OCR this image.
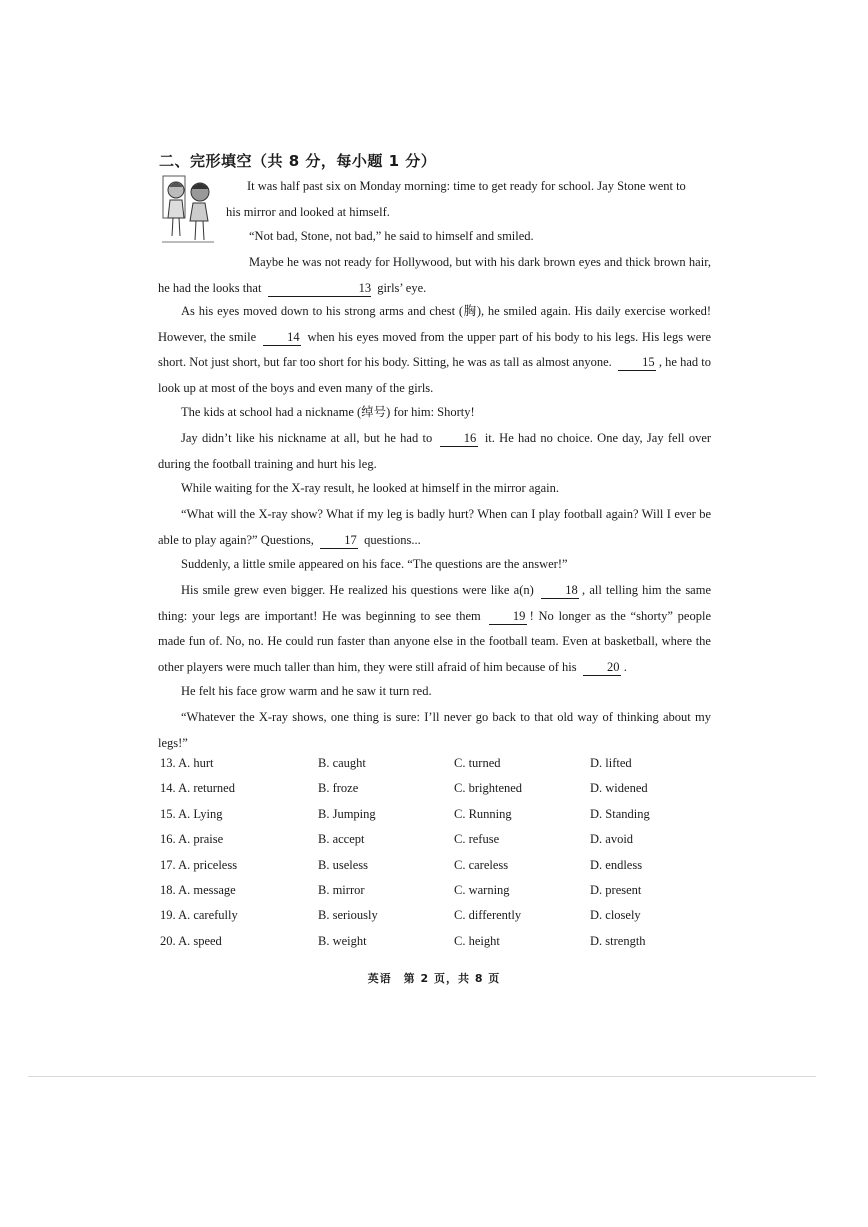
二、完形填空（共 8 分，每小题 1 分）

It was half past six on Monday morning: time to get ready for school. Jay Stone went to
his mirror and looked at himself.

“Not bad, Stone, not bad,” he said to himself and smiled.

Maybe he was not ready for Hollywood, but with his dark brown eyes and thick brown hair, he had the looks that	13 girls’ eye.

As his eyes moved down to his strong arms and chest (胸), he smiled again. His daily exercise worked! However, the smile 14 when his eyes moved from the upper part of his body to his legs. His legs were short. Not just short, but far too short for his body. Sitting, he was as tall as almost anyone. 15 , he had to look up at most of the boys and even many of the girls.

The kids at school had a nickname (绰号) for him: Shorty!

Jay didn’t like his nickname at all, but he had to	16 it. He had no choice. One day, Jay fell over during the football training and hurt his leg.

While waiting for the X-ray result, he looked at himself in the mirror again.

“What will the X-ray show? What if my leg is badly hurt? When can I play football again? Will I ever be able to play again?” Questions, 17 questions...

Suddenly, a little smile appeared on his face. “The questions are the answer!”

His smile grew even bigger. He realized his questions were like a(n)	18 , all telling him the same thing: your legs are important! He was beginning to see them	19 ! No longer as the “shorty” people made fun of. No, no. He could run faster than anyone else in the football team. Even at basketball, where the other players were much taller than him, they were still afraid of him because of his 20 .

He felt his face grow warm and he saw it turn red.

“Whatever the X-ray shows, one thing is sure: I’ll never go back to that old way of thinking about my legs!”

13. A. hurt	B. caught	C. turned	D. lifted
14. A. returned	B. froze	C. brightened	D. widened
15. A. Lying	B. Jumping	C. Running	D. Standing
16. A. praise	B. accept	C. refuse	D. avoid
17. A. priceless	B. useless	C. careless	D. endless
18. A. message	B. mirror	C. warning	D. present
19. A. carefully	B. seriously	C. differently	D. closely
20. A. speed	B. weight	C. height	D. strength
英语　第 2 页，共 8 页
